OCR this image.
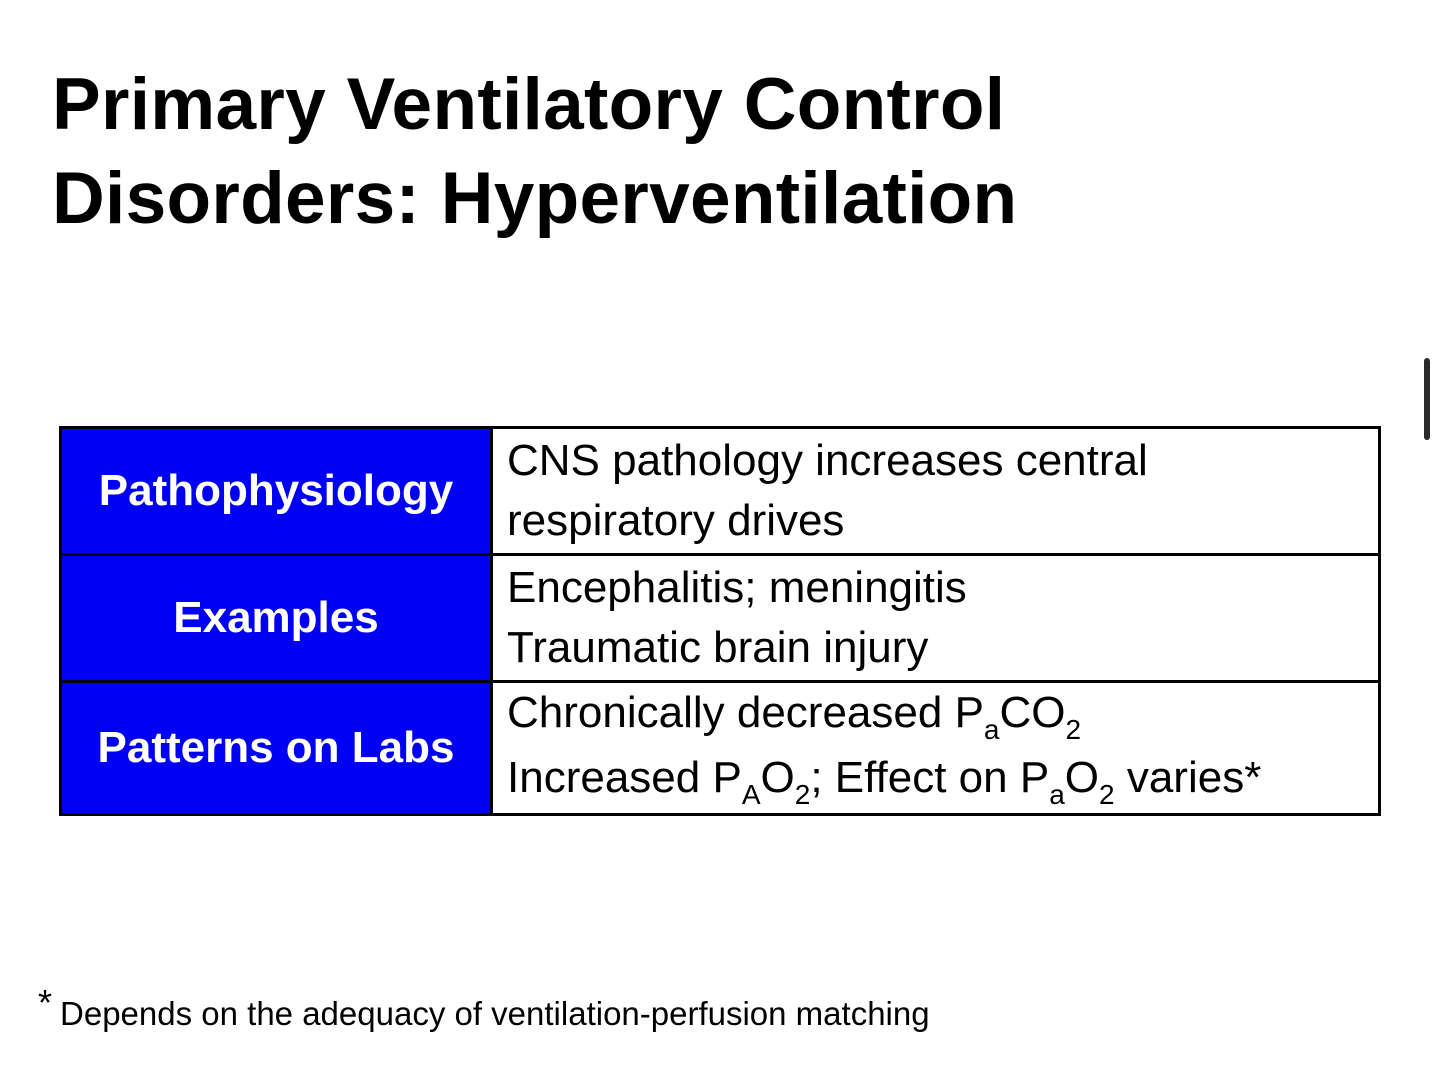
Primary Ventilatory Control
Disorders: Hyperventilation
Pathophysiology	CNS pathology increases central
respiratory drives

Examples	Encephalitis; meningitis
Traumatic brain injury

Patterns on Labs	Chronically decreased $P_aCO_2$
Increased $P_AO_2$; Effect on $P_aO_2$ varies*
* Depends on the adequacy of ventilation-perfusion matching
